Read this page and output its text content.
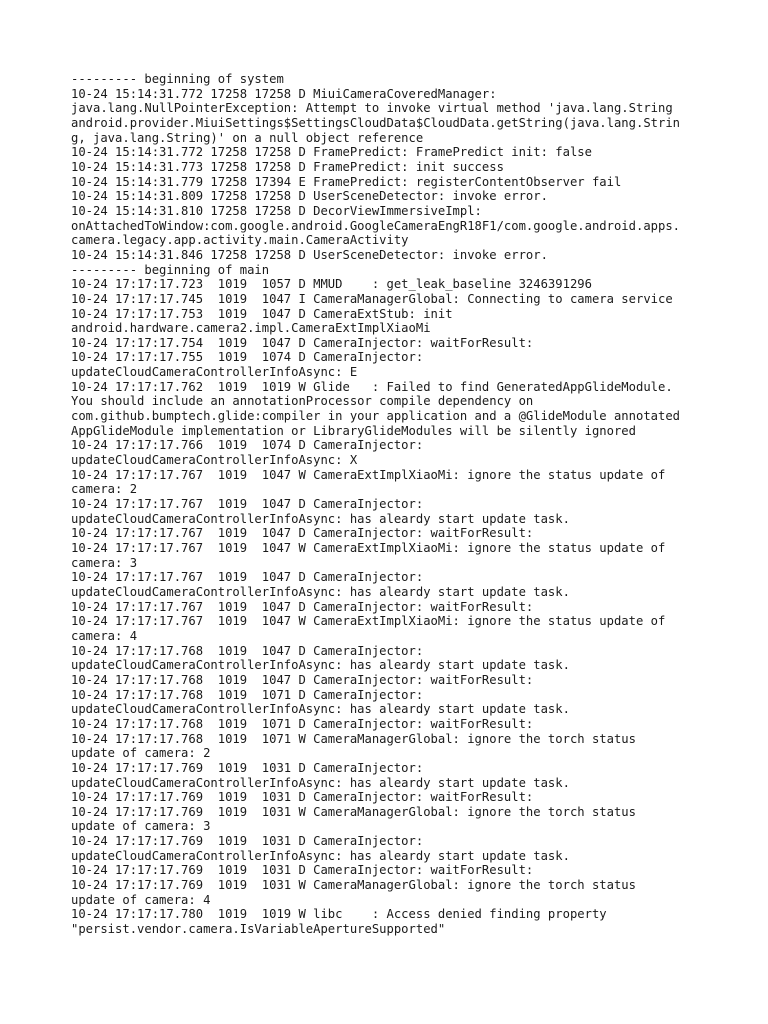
--------- beginning of system
10-24 15:14:31.772 17258 17258 D MiuiCameraCoveredManager:
java.lang.NullPointerException: Attempt to invoke virtual method 'java.lang.String
android.provider.MiuiSettings$SettingsCloudData$CloudData.getString(java.lang.Strin
g, java.lang.String)' on a null object reference
10-24 15:14:31.772 17258 17258 D FramePredict: FramePredict init: false
10-24 15:14:31.773 17258 17258 D FramePredict: init success
10-24 15:14:31.779 17258 17394 E FramePredict: registerContentObserver fail
10-24 15:14:31.809 17258 17258 D UserSceneDetector: invoke error.
10-24 15:14:31.810 17258 17258 D DecorViewImmersiveImpl:
onAttachedToWindow:com.google.android.GoogleCameraEngR18F1/com.google.android.apps.
camera.legacy.app.activity.main.CameraActivity
10-24 15:14:31.846 17258 17258 D UserSceneDetector: invoke error.
--------- beginning of main
10-24 17:17:17.723  1019  1057 D MMUD    : get_leak_baseline 3246391296
10-24 17:17:17.745  1019  1047 I CameraManagerGlobal: Connecting to camera service
10-24 17:17:17.753  1019  1047 D CameraExtStub: init
android.hardware.camera2.impl.CameraExtImplXiaoMi
10-24 17:17:17.754  1019  1047 D CameraInjector: waitForResult:
10-24 17:17:17.755  1019  1074 D CameraInjector:
updateCloudCameraControllerInfoAsync: E
10-24 17:17:17.762  1019  1019 W Glide   : Failed to find GeneratedAppGlideModule.
You should include an annotationProcessor compile dependency on
com.github.bumptech.glide:compiler in your application and a @GlideModule annotated
AppGlideModule implementation or LibraryGlideModules will be silently ignored
10-24 17:17:17.766  1019  1074 D CameraInjector:
updateCloudCameraControllerInfoAsync: X
10-24 17:17:17.767  1019  1047 W CameraExtImplXiaoMi: ignore the status update of
camera: 2
10-24 17:17:17.767  1019  1047 D CameraInjector:
updateCloudCameraControllerInfoAsync: has aleardy start update task.
10-24 17:17:17.767  1019  1047 D CameraInjector: waitForResult:
10-24 17:17:17.767  1019  1047 W CameraExtImplXiaoMi: ignore the status update of
camera: 3
10-24 17:17:17.767  1019  1047 D CameraInjector:
updateCloudCameraControllerInfoAsync: has aleardy start update task.
10-24 17:17:17.767  1019  1047 D CameraInjector: waitForResult:
10-24 17:17:17.767  1019  1047 W CameraExtImplXiaoMi: ignore the status update of
camera: 4
10-24 17:17:17.768  1019  1047 D CameraInjector:
updateCloudCameraControllerInfoAsync: has aleardy start update task.
10-24 17:17:17.768  1019  1047 D CameraInjector: waitForResult:
10-24 17:17:17.768  1019  1071 D CameraInjector:
updateCloudCameraControllerInfoAsync: has aleardy start update task.
10-24 17:17:17.768  1019  1071 D CameraInjector: waitForResult:
10-24 17:17:17.768  1019  1071 W CameraManagerGlobal: ignore the torch status
update of camera: 2
10-24 17:17:17.769  1019  1031 D CameraInjector:
updateCloudCameraControllerInfoAsync: has aleardy start update task.
10-24 17:17:17.769  1019  1031 D CameraInjector: waitForResult:
10-24 17:17:17.769  1019  1031 W CameraManagerGlobal: ignore the torch status
update of camera: 3
10-24 17:17:17.769  1019  1031 D CameraInjector:
updateCloudCameraControllerInfoAsync: has aleardy start update task.
10-24 17:17:17.769  1019  1031 D CameraInjector: waitForResult:
10-24 17:17:17.769  1019  1031 W CameraManagerGlobal: ignore the torch status
update of camera: 4
10-24 17:17:17.780  1019  1019 W libc    : Access denied finding property
"persist.vendor.camera.IsVariableApertureSupported"
